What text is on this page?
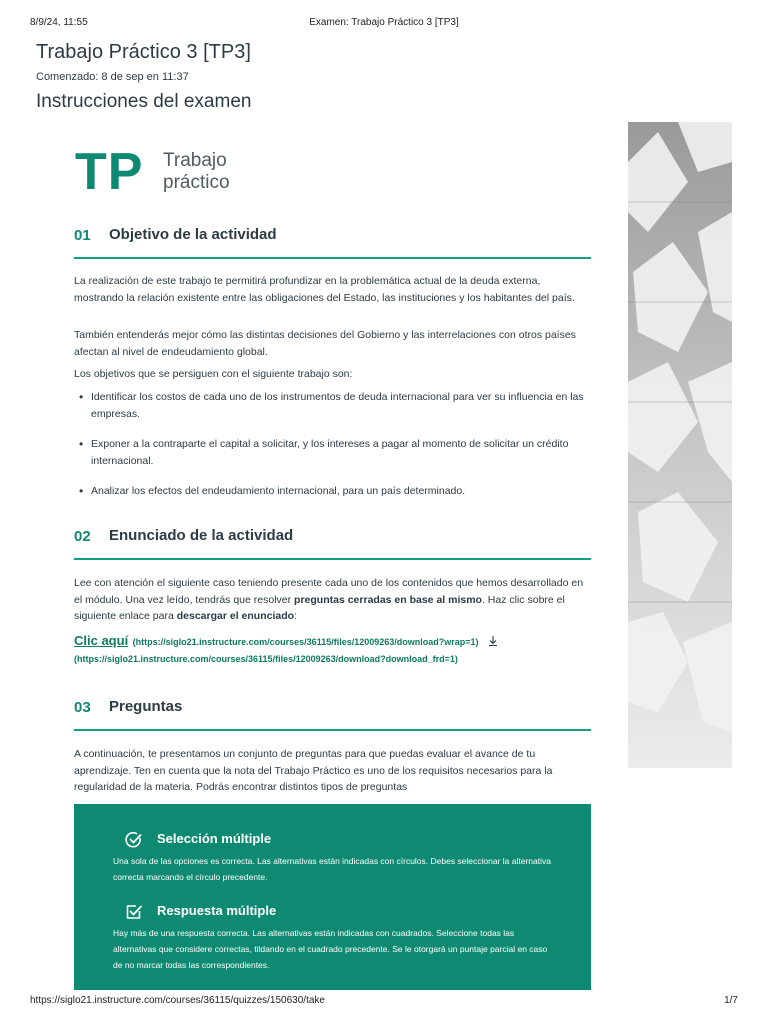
8/9/24, 11:55	Examen: Trabajo Práctico 3 [TP3]
Trabajo Práctico 3 [TP3]
Comenzado: 8 de sep en 11:37
Instrucciones del examen
TP Trabajo
práctico
01 Objetivo de la actividad

La realización de este trabajo te permitirá profundizar en la problemática actual de la deuda externa, mostrando la relación existente entre las obligaciones del Estado, las instituciones y los habitantes del país.

También entenderás mejor cómo las distintas decisiones del Gobierno y las interrelaciones con otros países afectan al nivel de endeudamiento global.

Los objetivos que se persiguen con el siguiente trabajo son:

• Identificar los costos de cada uno de los instrumentos de deuda internacional para ver su influencia en las empresas.
• Exponer a la contraparte el capital a solicitar, y los intereses a pagar al momento de solicitar un crédito internacional.
• Analizar los efectos del endeudamiento internacional, para un país determinado.
02 Enunciado de la actividad

Lee con atención el siguiente caso teniendo presente cada uno de los contenidos que hemos desarrollado en el módulo. Una vez leído, tendrás que resolver preguntas cerradas en base al mismo. Haz clic sobre el siguiente enlace para descargar el enunciado:

Clic aquí (https://siglo21.instructure.com/courses/36115/files/12009263/download?wrap=1)
(https://siglo21.instructure.com/courses/36115/files/12009263/download?download_frd=1)
03 Preguntas

A continuación, te presentamos un conjunto de preguntas para que puedas evaluar el avance de tu aprendizaje. Ten en cuenta que la nota del Trabajo Práctico es uno de los requisitos necesarios para la regularidad de la materia. Podrás encontrar distintos tipos de preguntas

Selección múltiple
Una sola de las opciones es correcta. Las alternativas están indicadas con círculos. Debes seleccionar la alternativa correcta marcando el círculo precedente.
Respuesta múltiple
Hay más de una respuesta correcta. Las alternativas están indicadas con cuadrados. Seleccione todas las alternativas que considere correctas, tildando en el cuadrado precedente. Se le otorgará un puntaje parcial en caso de no marcar todas las correspondientes.
https://siglo21.instructure.com/courses/36115/quizzes/150630/take	1/7
